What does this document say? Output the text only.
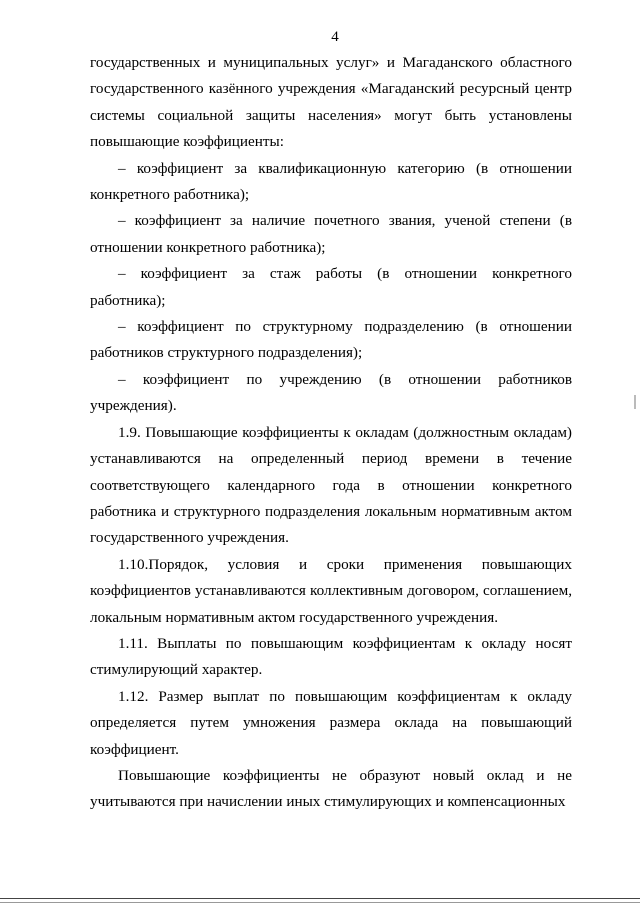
4

государственных и муниципальных услуг» и Магаданского областного государственного казённого учреждения «Магаданский ресурсный центр системы социальной защиты населения» могут быть установлены повышающие коэффициенты:

– коэффициент за квалификационную категорию (в отношении конкретного работника);

– коэффициент за наличие почетного звания, ученой степени (в отношении конкретного работника);

– коэффициент за стаж работы (в отношении конкретного работника);

– коэффициент по структурному подразделению (в отношении работников структурного подразделения);

– коэффициент по учреждению (в отношении работников учреждения).

1.9. Повышающие коэффициенты к окладам (должностным окладам) устанавливаются на определенный период времени в течение соответствующего календарного года в отношении конкретного работника и структурного подразделения локальным нормативным актом государственного учреждения.

1.10.Порядок, условия и сроки применения повышающих коэффициентов устанавливаются коллективным договором, соглашением, локальным нормативным актом государственного учреждения.

1.11. Выплаты по повышающим коэффициентам к окладу носят стимулирующий характер.

1.12. Размер выплат по повышающим коэффициентам к окладу определяется путем умножения размера оклада на повышающий коэффициент.

Повышающие коэффициенты не образуют новый оклад и не учитываются при начислении иных стимулирующих и компенсационных
